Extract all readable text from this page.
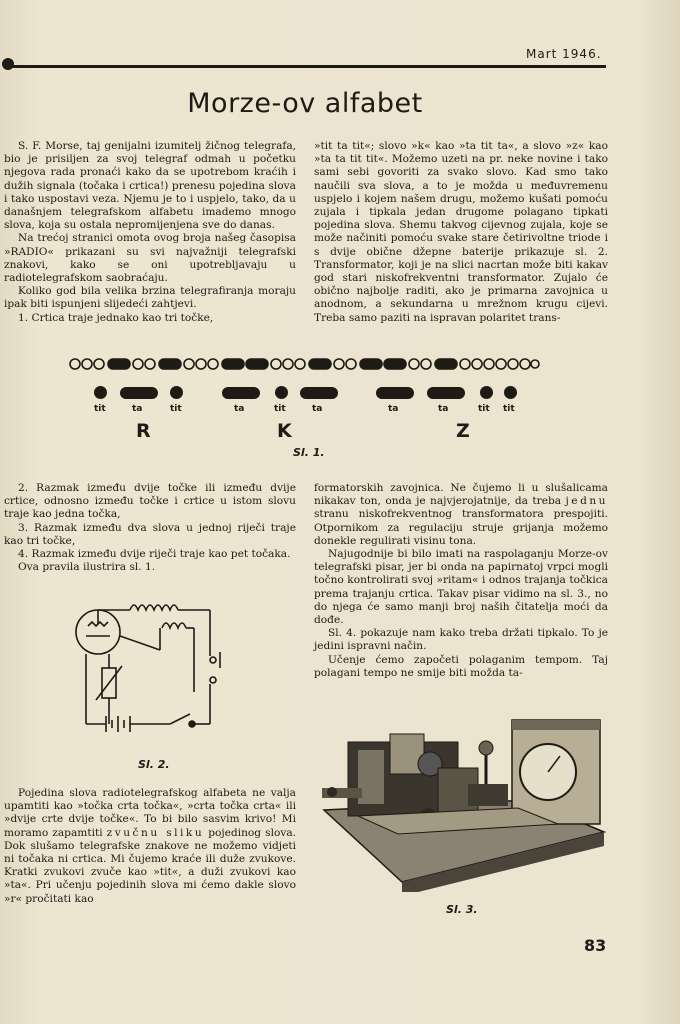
Mart 1946.
Morze-ov alfabet

S. F. Morse, taj genijalni izumitelj žičnog telegrafa, bio je prisiljen za svoj telegraf odmah u početku njegova rada pronaći kako da se upotrebom kraćih i dužih signala (točaka i crtica!) prenesu pojedina slova i tako uspostavi veza. Njemu je to i uspjelo, tako, da u današnjem telegrafskom alfabetu imademo mnogo slova, koja su ostala nepromijenjena sve do danas.

Na trećoj stranici omota ovog broja našeg časopisa »RADIO« prikazani su svi najvažniji telegrafski znakovi, kako se oni upotrebljavaju u radiotelegrafskom saobraćaju.

Koliko god bila velika brzina telegrafiranja moraju ipak biti ispunjeni slijedeći zahtjevi.

1. Crtica traje jednako kao tri točke,

»tit ta tit«; slovo »k« kao »ta tit ta«, a slovo »z« kao »ta ta tit tit«. Možemo uzeti na pr. neke novine i tako sami sebi govoriti za svako slovo. Kad smo tako naučili sva slova, a to je možda u međuvremenu uspjelo i kojem našem drugu, možemo kušati pomoću zujala i tipkala jedan drugome polagano tipkati pojedina slova. Shemu takvog cijevnog zujala, koje se može načiniti pomoću svake stare četirivoltne triode i s dvije obične džepne baterije prikazuje sl. 2. Transformator, koji je na slici nacrtan može biti kakav god stari niskofrekventni transformator. Zujalo će obično najbolje raditi, ako je primarna zavojnica u anodnom, a sekundarna u mrežnom krugu cijevi. Treba samo paziti na ispravan polaritet trans-

tit	ta	tit	ta	tit	ta	ta	ta	tit tit
R	K	Z
Sl. 1.

2. Razmak između dvije točke ili između dvije crtice, odnosno između točke i crtice u istom slovu traje kao jedna točka,

3. Razmak između dva slova u jednoj riječi traje kao tri točke,

4. Razmak između dvije riječi traje kao pet točaka.

Ova pravila ilustrira sl. 1.

Sl. 2.

formatorskih zavojnica. Ne čujemo li u slušalicama nikakav ton, onda je najvjerojatnije, da treba jednu stranu niskofrekventnog transformatora prespojiti. Otpornikom za regulaciju struje grijanja možemo donekle regulirati visinu tona.

Najugodnije bi bilo imati na raspolaganju Morze-ov telegrafski pisar, jer bi onda na papirnatoj vrpci mogli točno kontrolirati svoj »ritam« i odnos trajanja točkica prema trajanju crtica. Takav pisar vidimo na sl. 3., no do njega će samo manji broj naših čitatelja moći da dođe.

Sl. 4. pokazuje nam kako treba držati tipkalo. To je jedini ispravni način.

Učenje ćemo započeti polaganim tempom. Taj polagani tempo ne smije biti možda ta-

Sl. 3.

Pojedina slova radiotelegrafskog alfabeta ne valja upamtiti kao »točka crta točka«, »crta točka crta« ili »dvije crte dvije točke«. To bi bilo sasvim krivo! Mi moramo zapamtiti zvučnu sliku pojedinog slova. Dok slušamo telegrafske znakove ne možemo vidjeti ni točaka ni crtica. Mi čujemo kraće ili duže zvukove. Kratki zvukovi zvuče kao »tit«, a duži zvukovi kao »ta«. Pri učenju pojedinih slova mi ćemo dakle slovo »r« pročitati kao

83
